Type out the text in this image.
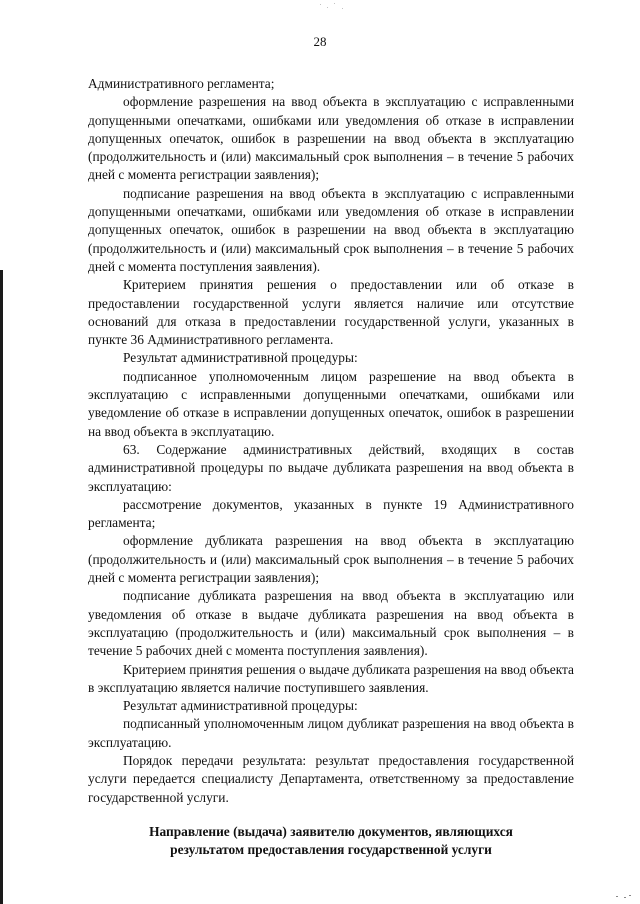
28

Административного регламента;

оформление разрешения на ввод объекта в эксплуатацию с исправленными допущенными опечатками, ошибками или уведомления об отказе в исправлении допущенных опечаток, ошибок в разрешении на ввод объекта в эксплуатацию (продолжительность и (или) максимальный срок выполнения – в течение 5 рабочих дней с момента регистрации заявления);

подписание разрешения на ввод объекта в эксплуатацию с исправленными допущенными опечатками, ошибками или уведомления об отказе в исправлении допущенных опечаток, ошибок в разрешении на ввод объекта в эксплуатацию (продолжительность и (или) максимальный срок выполнения – в течение 5 рабочих дней с момента поступления заявления).

Критерием принятия решения о предоставлении или об отказе в предоставлении государственной услуги является наличие или отсутствие оснований для отказа в предоставлении государственной услуги, указанных в пункте 36 Административного регламента.

Результат административной процедуры:

подписанное уполномоченным лицом разрешение на ввод объекта в эксплуатацию с исправленными допущенными опечатками, ошибками или уведомление об отказе в исправлении допущенных опечаток, ошибок в разрешении на ввод объекта в эксплуатацию.

63. Содержание административных действий, входящих в состав административной процедуры по выдаче дубликата разрешения на ввод объекта в эксплуатацию:

рассмотрение документов, указанных в пункте 19 Административного регламента;

оформление дубликата разрешения на ввод объекта в эксплуатацию (продолжительность и (или) максимальный срок выполнения – в течение 5 рабочих дней с момента регистрации заявления);

подписание дубликата разрешения на ввод объекта в эксплуатацию или уведомления об отказе в выдаче дубликата разрешения на ввод объекта в эксплуатацию (продолжительность и (или) максимальный срок выполнения – в течение 5 рабочих дней с момента поступления заявления).

Критерием принятия решения о выдаче дубликата разрешения на ввод объекта в эксплуатацию является наличие поступившего заявления.

Результат административной процедуры:

подписанный уполномоченным лицом дубликат разрешения на ввод объекта в эксплуатацию.

Порядок передачи результата: результат предоставления государственной услуги передается специалисту Департамента, ответственному за предоставление государственной услуги.

Направление (выдача) заявителю документов, являющихся
результатом предоставления государственной услуги
